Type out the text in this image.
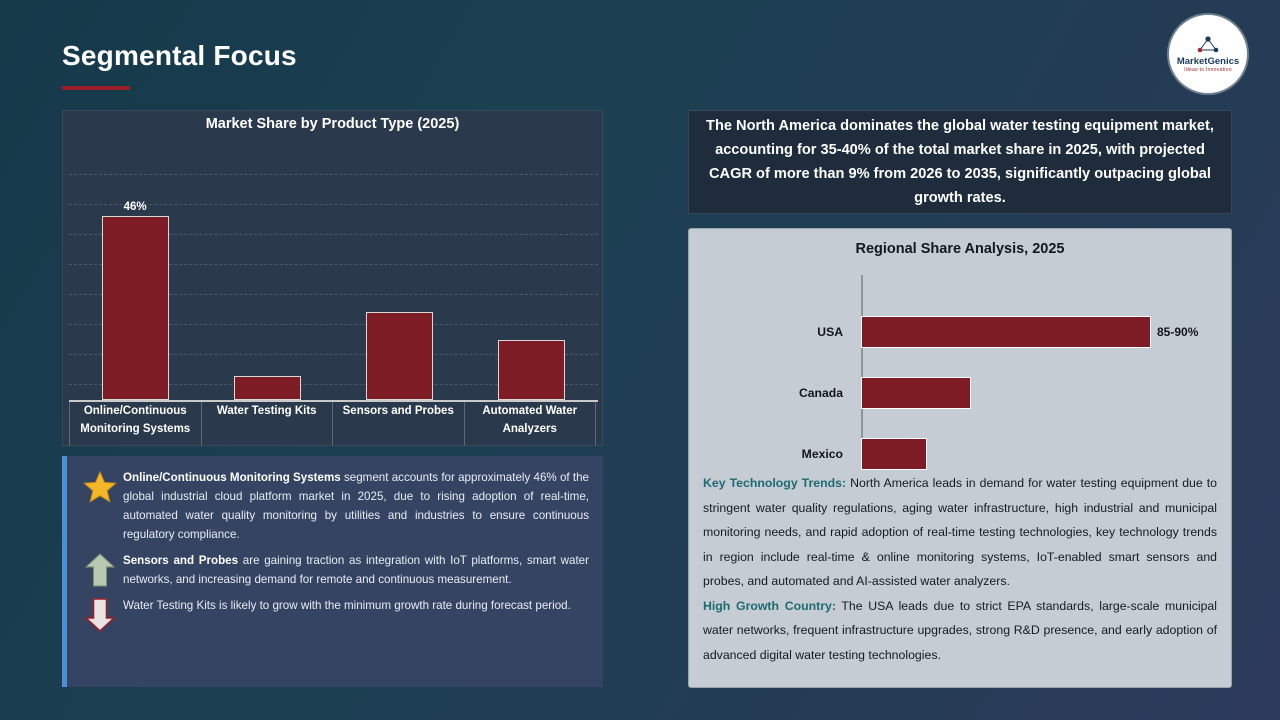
Segmental Focus	MarketGenics
Ideas to Innovation
Market Share by Product Type (2025)
46%
Online/Continuous Monitoring Systems
Water Testing Kits	Sensors and Probes	Automated Water Analyzers
Online/Continuous Monitoring Systems segment accounts for approximately 46% of the global industrial cloud platform market in 2025, due to rising adoption of real-time, automated water quality monitoring by utilities and industries to ensure continuous regulatory compliance.
Sensors and Probes are gaining traction as integration with IoT platforms, smart water networks, and increasing demand for remote and continuous measurement.
Water Testing Kits is likely to grow with the minimum growth rate during forecast period.

The North America dominates the global water testing equipment market, accounting for 35-40% of the total market share in 2025, with projected CAGR of more than 9% from 2026 to 2035, significantly outpacing global growth rates.

Regional Share Analysis, 2025
USA	85-90%
Canada
Mexico

Key Technology Trends: North America leads in demand for water testing equipment due to stringent water quality regulations, aging water infrastructure, high industrial and municipal monitoring needs, and rapid adoption of real-time testing technologies, key technology trends in region include real-time & online monitoring systems, IoT-enabled smart sensors and probes, and automated and AI-assisted water analyzers.

High Growth Country: The USA leads due to strict EPA standards, large-scale municipal water networks, frequent infrastructure upgrades, strong R&D presence, and early adoption of advanced digital water testing technologies.
